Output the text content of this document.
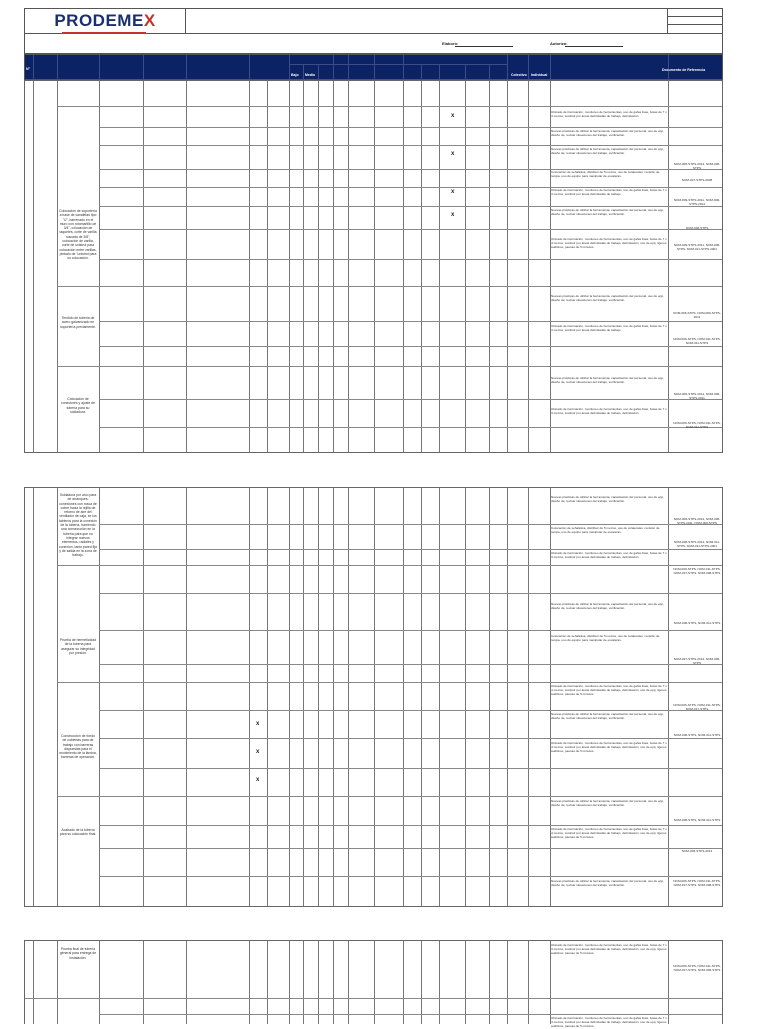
PRODEMEX
Elaboró:	Autorizó:
N°
Bajo Medio	Colectivo Individual
Documento de Referencia
Colocación de soportería a base de canaletas tipo "U", barrenado en el muro con rotomartillo de 3/4", colocación de taquetes, corte de varilla roscada de 3/8", colocación de varilla, corte de unistrut para colocación entre varillas, pintado de "unistrut para su colocación.
Tendido de tubería de acero galvanizado en soportería previamente.
Colocación de conectores y ajuste de tubería para su soldadura.
x
x
x
x
Ubicado de iluminación, monitoreo de herramientas, uso de gafas lisas, botas de 7 x 4 metros, sustituir por áreas delimitadas de trabajo, delimitación.
Nuevas prácticas de utilizar la herramienta, capacitación del personal, uso de epp, diseño de, revisar situaciones del trabajo, verificación.
Nuevas prácticas de utilizar la herramienta, capacitación del personal, uso de epp, diseño de, revisar situaciones del trabajo, verificación.
Colocación de señalética, distribuir de 5 metros, uso de colaterales, revisión de rampa, uso de equipo para manipular de escaleras.
Ubicado de iluminación, monitoreo de herramientas, uso de gafas lisas, botas de 7 x 4 metros, sustituir por áreas delimitadas de trabajo.
Nuevas prácticas de utilizar la herramienta, capacitación del personal, uso de epp, diseño de, revisar situaciones del trabajo, verificación.
Ubicado de iluminación, monitoreo de herramientas, uso de gafas lisas, botas de 7 x 4 metros, sustituir por áreas delimitadas de trabajo, delimitación, uso de epp, ligeros auditivos, pausas de 5 minutos.
Nuevas prácticas de utilizar la herramienta, capacitación del personal, uso de epp, diseño de, revisar situaciones del trabajo, verificación.
Ubicado de iluminación, monitoreo de herramientas, uso de gafas lisas, botas de 7 x 4 metros, sustituir por áreas delimitadas de trabajo.
Nuevas prácticas de utilizar la herramienta, capacitación del personal, uso de epp, diseño de, revisar situaciones del trabajo, verificación.
Ubicado de iluminación, monitoreo de herramientas, uso de gafas lisas, botas de 7 x 4 metros, sustituir por áreas delimitadas de trabajo, delimitación.
NOM-006-STPS-2014, NOM-006-STPS
NOM-027-STPS-2008
NOM-009-STPS-2011, NOM-006-STPS-2014
NOM-006-STPS
NOM-009-STPS-2011, NOM-006-STPS, NOM-011-STPS-2001
NOM-006-STPS, NOM-009-STPS-2011
NOM-006-STPS, NOM-011-STPS, NOM-011-STPS
NOM-006-STPS-2014, NOM-006-STPS-2011
NOM-006-STPS, NOM-011-STPS, NOM-011-STPS
Soldadura por arco para de arranques, conexiones con rosca de cobre hacia la rejilla de retorno de aire del ventilador de caja, se los tableros para la conexión de la tubería, barriendo una consecución en la tubería para que no integrar nuevos elementos, radiales y conexión, tanto pared fija y de salida en la zona de trabajo.
Prueba de hermeticidad de la tubería para asegurar su integridad por presión.
Construcción de fondo de cubiertas para de trabajo con barreras dispuestas para el movimiento de la lámina, barreras de operación.
Acabado de la tubería para su colocación final.
x
x
x
Nuevas prácticas de utilizar la herramienta, capacitación del personal, uso de epp, diseño de, revisar situaciones del trabajo, verificación.
Colocación de señalética, distribuir de 5 metros, uso de colaterales, revisión de rampa, uso de equipo para manipular de escaleras.
Ubicado de iluminación, monitoreo de herramientas, uso de gafas lisas, botas de 7 x 4 metros, sustituir por áreas delimitadas de trabajo, delimitación.
Nuevas prácticas de utilizar la herramienta, capacitación del personal, uso de epp, diseño de, revisar situaciones del trabajo, verificación.
Colocación de señalética, distribuir de 5 metros, uso de colaterales, revisión de rampa, uso de equipo para manipular de escaleras.
Ubicado de iluminación, monitoreo de herramientas, uso de gafas lisas, botas de 7 x 4 metros, sustituir por áreas delimitadas de trabajo, delimitación, uso de epp, ligeros auditivos, pausas de 5 minutos.
Nuevas prácticas de utilizar la herramienta, capacitación del personal, uso de epp, diseño de, revisar situaciones del trabajo, verificación.
Ubicado de iluminación, monitoreo de herramientas, uso de gafas lisas, botas de 7 x 4 metros, sustituir por áreas delimitadas de trabajo, delimitación, uso de epp, ligeros auditivos, pausas de 5 minutos.
Nuevas prácticas de utilizar la herramienta, capacitación del personal, uso de epp, diseño de, revisar situaciones del trabajo, verificación.
Ubicado de iluminación, monitoreo de herramientas, uso de gafas lisas, botas de 7 x 4 metros, sustituir por áreas delimitadas de trabajo, delimitación, uso de epp, ligeros auditivos, pausas de 5 minutos.
Nuevas prácticas de utilizar la herramienta, capacitación del personal, uso de epp, diseño de, revisar situaciones del trabajo, verificación.
NOM-006-STPS-2014, NOM-006-STPS-2011, NOM-009-STPS
NOM-006-STPS-2014, NOM-011-STPS, NOM-011-STPS-2001
NOM-009-STPS, NOM-011-STPS, NOM-017-STPS, NOM-006-STPS
NOM-006-STPS, NOM-011-STPS
NOM-027-STPS-2014, NOM-006-STPS
NOM-006-STPS, NOM-011-STPS, NOM-017-STPS
NOM-006-STPS, NOM-011-STPS
NOM-006-STPS, NOM-011-STPS
NOM-006-STPS-2014
NOM-006-STPS, NOM-011-STPS, NOM-017-STPS, NOM-006-STPS
Prueba final de tubería general para entrega de instalación.
Ubicado de iluminación, monitoreo de herramientas, uso de gafas lisas, botas de 7 x 4 metros, sustituir por áreas delimitadas de trabajo, delimitación, uso de epp, ligeros auditivos, pausas de 5 minutos.
Ubicado de iluminación, monitoreo de herramientas, uso de gafas lisas, botas de 7 x 4 metros, sustituir por áreas delimitadas de trabajo, delimitación, uso de epp, ligeros auditivos, pausas de 5 minutos.
NOM-006-STPS, NOM-011-STPS, NOM-017-STPS, NOM-006-STPS
